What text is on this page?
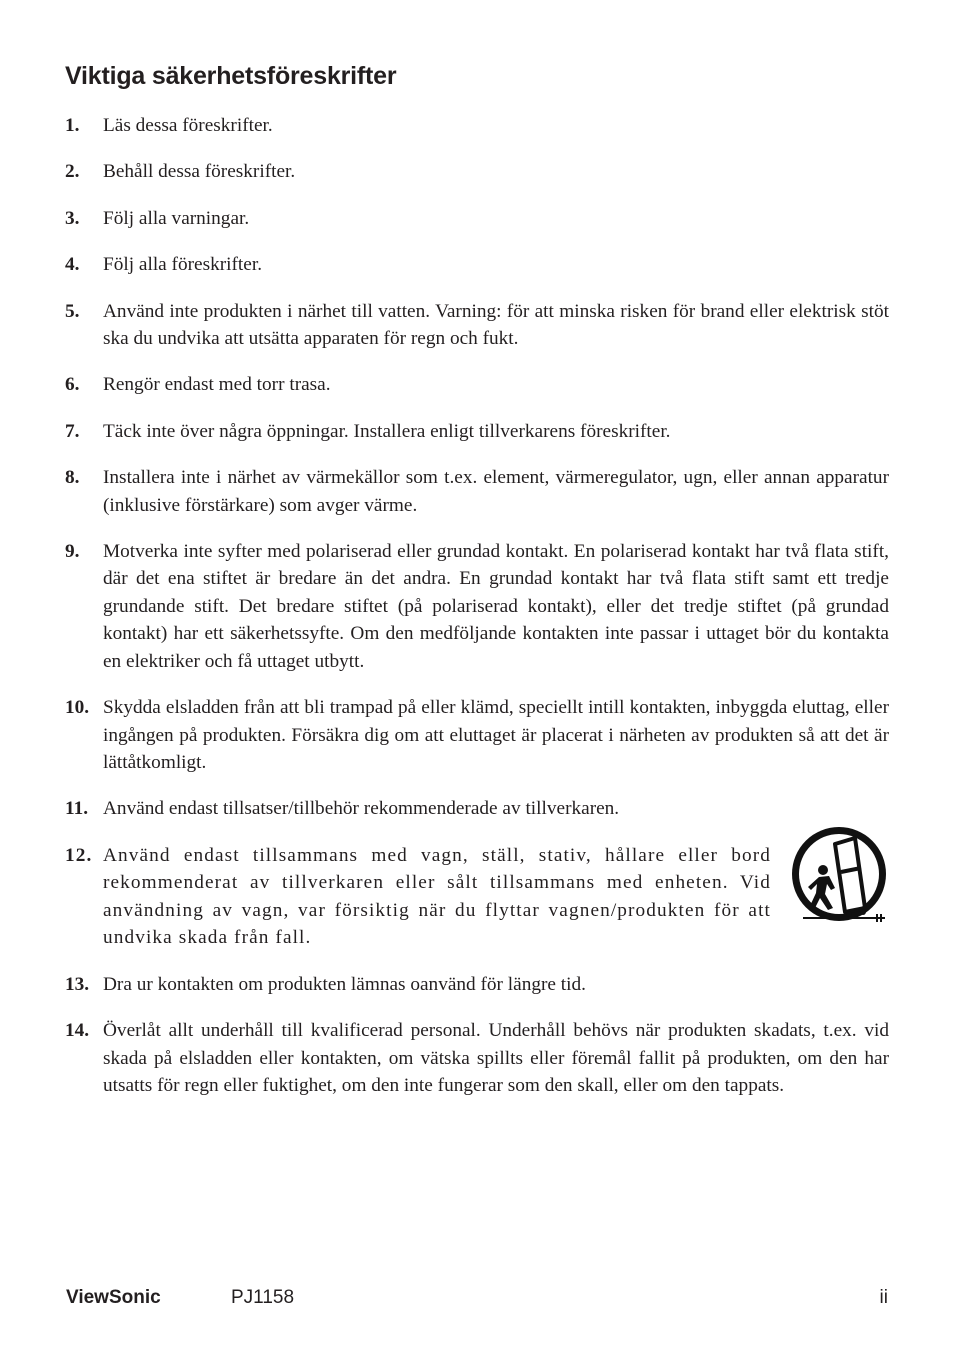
Viktiga säkerhetsföreskrifter
1. Läs dessa föreskrifter.
2. Behåll dessa föreskrifter.
3. Följ alla varningar.
4. Följ alla föreskrifter.
5. Använd inte produkten i närhet till vatten. Varning: för att minska risken för brand eller elektrisk stöt ska du undvika att utsätta apparaten för regn och fukt.
6. Rengör endast med torr trasa.
7. Täck inte över några öppningar. Installera enligt tillverkarens föreskrifter.
8. Installera inte i närhet av värmekällor som t.ex. element, värmeregulator, ugn, eller annan apparatur (inklusive förstärkare) som avger värme.
9. Motverka inte syfter med polariserad eller grundad kontakt. En polariserad kontakt har två flata stift, där det ena stiftet är bredare än det andra. En grundad kontakt har två flata stift samt ett tredje grundande stift. Det bredare stiftet (på polariserad kontakt), eller det tredje stiftet (på grundad kontakt) har ett säkerhetssyfte. Om den medföljande kontakten inte passar i uttaget bör du kontakta en elektriker och få uttaget utbytt.
10. Skydda elsladden från att bli trampad på eller klämd, speciellt intill kontakten, inbyggda eluttag, eller ingången på produkten. Försäkra dig om att eluttaget är placerat i närheten av produkten så att det är lättåtkomligt.
11. Använd endast tillsatser/tillbehör rekommenderade av tillverkaren.
12. Använd endast tillsammans med vagn, ställ, stativ, hållare eller bord rekommenderat av tillverkaren eller sålt tillsammans med enheten. Vid användning av vagn, var försiktig när du flyttar vagnen/produkten för att undvika skada från fall.
13. Dra ur kontakten om produkten lämnas oanvänd för längre tid.
14. Överlåt allt underhåll till kvalificerad personal. Underhåll behövs när produkten skadats, t.ex. vid skada på elsladden eller kontakten, om vätska spillts eller föremål fallit på produkten, om den har utsatts för regn eller fuktighet, om den inte fungerar som den skall, eller om den tappats.
ViewSonic	PJ1158	ii
